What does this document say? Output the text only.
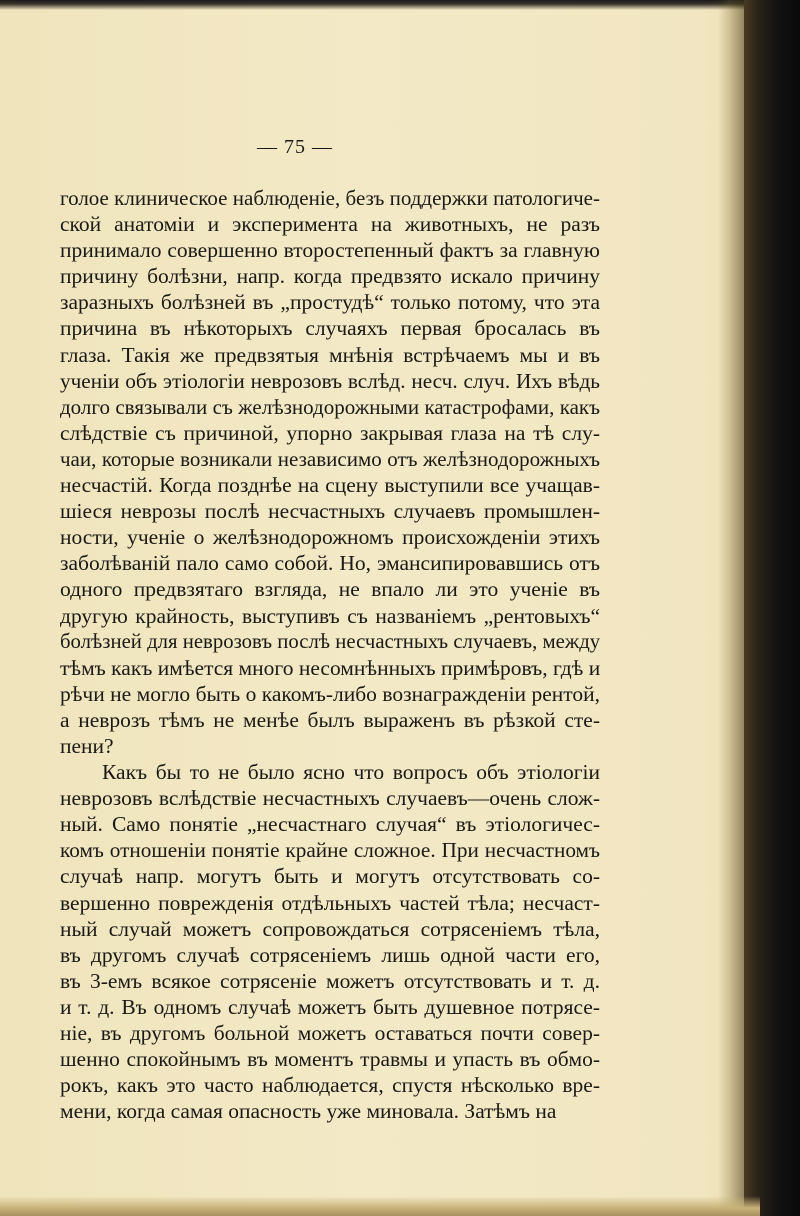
— 75 —
голое клиническое наблюденіе, безъ поддержки патологиче-
ской анатоміи и эксперимента на животныхъ, не разъ
принимало совершенно второстепенный фактъ за главную
причину болѣзни, напр. когда предвзято искало причину
заразныхъ болѣзней въ „простудѣ“ только потому, что эта
причина въ нѣкоторыхъ случаяхъ первая бросалась въ
глаза. Такія же предвзятыя мнѣнія встрѣчаемъ мы и въ
ученіи объ этіологіи неврозовъ вслѣд. несч. случ. Ихъ вѣдь
долго связывали съ желѣзнодорожными катастрофами, какъ
слѣдствіе съ причиной, упорно закрывая глаза на тѣ слу-
чаи, которые возникали независимо отъ желѣзнодорожныхъ
несчастій. Когда позднѣе на сцену выступили все учащав-
шіеся неврозы послѣ несчастныхъ случаевъ промышлен-
ности, ученіе о желѣзнодорожномъ происхожденіи этихъ
заболѣваній пало само собой. Но, эмансипировавшись отъ
одного предвзятаго взгляда, не впало ли это ученіе въ
другую крайность, выступивъ съ названіемъ „рентовыхъ“
болѣзней для неврозовъ послѣ несчастныхъ случаевъ, между
тѣмъ какъ имѣется много несомнѣнныхъ примѣровъ, гдѣ и
рѣчи не могло быть о какомъ-либо вознагражденіи рентой,
а неврозъ тѣмъ не менѣе былъ выраженъ въ рѣзкой сте-
пени?
Какъ бы то не было ясно что вопросъ объ этіологіи
неврозовъ вслѣдствіе несчастныхъ случаевъ—очень слож-
ный. Само понятіе „несчастнаго случая“ въ этіологичес-
комъ отношеніи понятіе крайне сложное. При несчастномъ
случаѣ напр. могутъ быть и могутъ отсутствовать со-
вершенно поврежденія отдѣльныхъ частей тѣла; несчаст-
ный случай можетъ сопровождаться сотрясеніемъ тѣла,
въ другомъ случаѣ сотрясеніемъ лишь одной части его,
въ 3-емъ всякое сотрясеніе можетъ отсутствовать и т. д.
и т. д. Въ одномъ случаѣ можетъ быть душевное потрясе-
ніе, въ другомъ больной можетъ оставаться почти совер-
шенно спокойнымъ въ моментъ травмы и упасть въ обмо-
рокъ, какъ это часто наблюдается, спустя нѣсколько вре-
мени, когда самая опасность уже миновала. Затѣмъ на
